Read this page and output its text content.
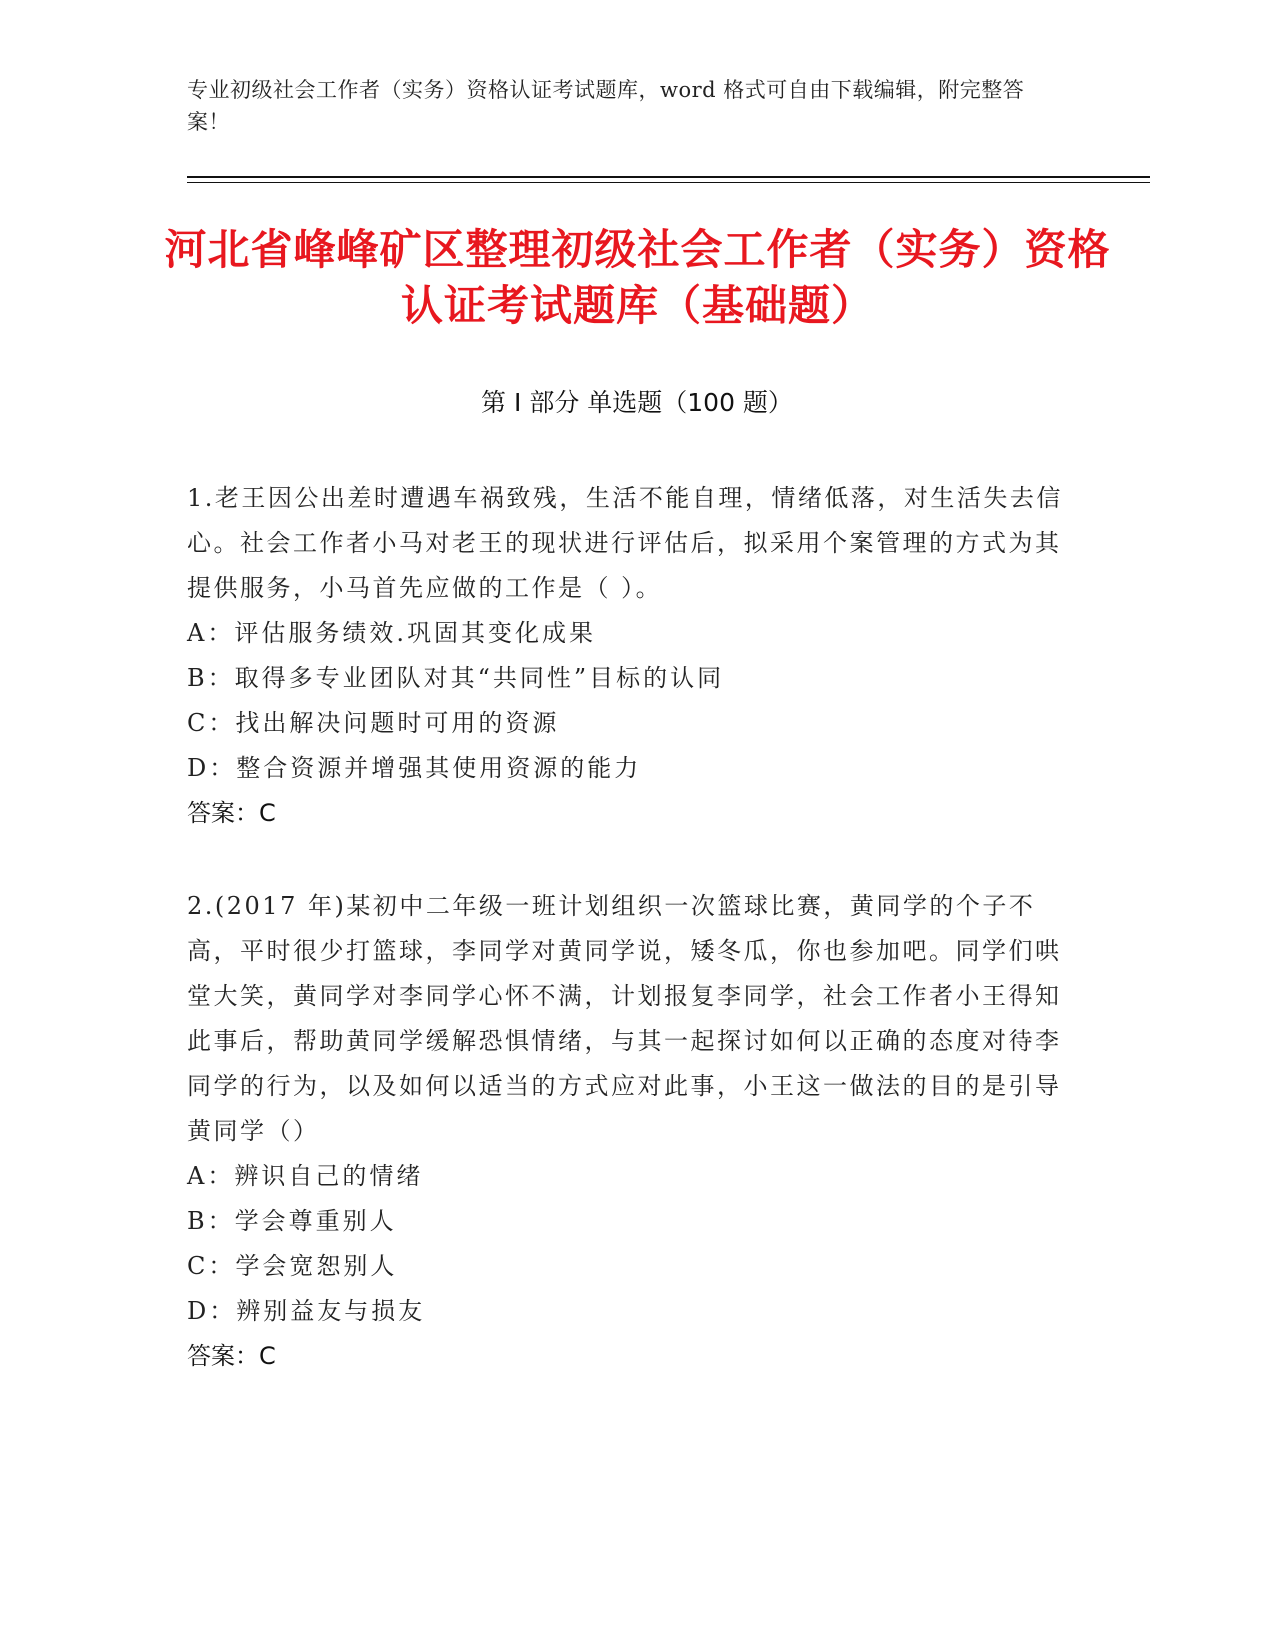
专业初级社会工作者（实务）资格认证考试题库，word 格式可自由下载编辑，附完整答案！
河北省峰峰矿区整理初级社会工作者（实务）资格认证考试题库（基础题）
第 I 部分 单选题（100 题）
1.老王因公出差时遭遇车祸致残，生活不能自理，情绪低落，对生活失去信心。社会工作者小马对老王的现状进行评估后，拟采用个案管理的方式为其提供服务，小马首先应做的工作是（ ）。
A：评估服务绩效.巩固其变化成果
B：取得多专业团队对其“共同性”目标的认同
C：找出解决问题时可用的资源
D：整合资源并增强其使用资源的能力
答案：C
2.(2017 年)某初中二年级一班计划组织一次篮球比赛，黄同学的个子不高，平时很少打篮球，李同学对黄同学说，矮冬瓜，你也参加吧。同学们哄堂大笑，黄同学对李同学心怀不满，计划报复李同学，社会工作者小王得知此事后，帮助黄同学缓解恐惧情绪，与其一起探讨如何以正确的态度对待李同学的行为，以及如何以适当的方式应对此事，小王这一做法的目的是引导黄同学（）
A：辨识自己的情绪
B：学会尊重别人
C：学会宽恕别人
D：辨别益友与损友
答案：C
